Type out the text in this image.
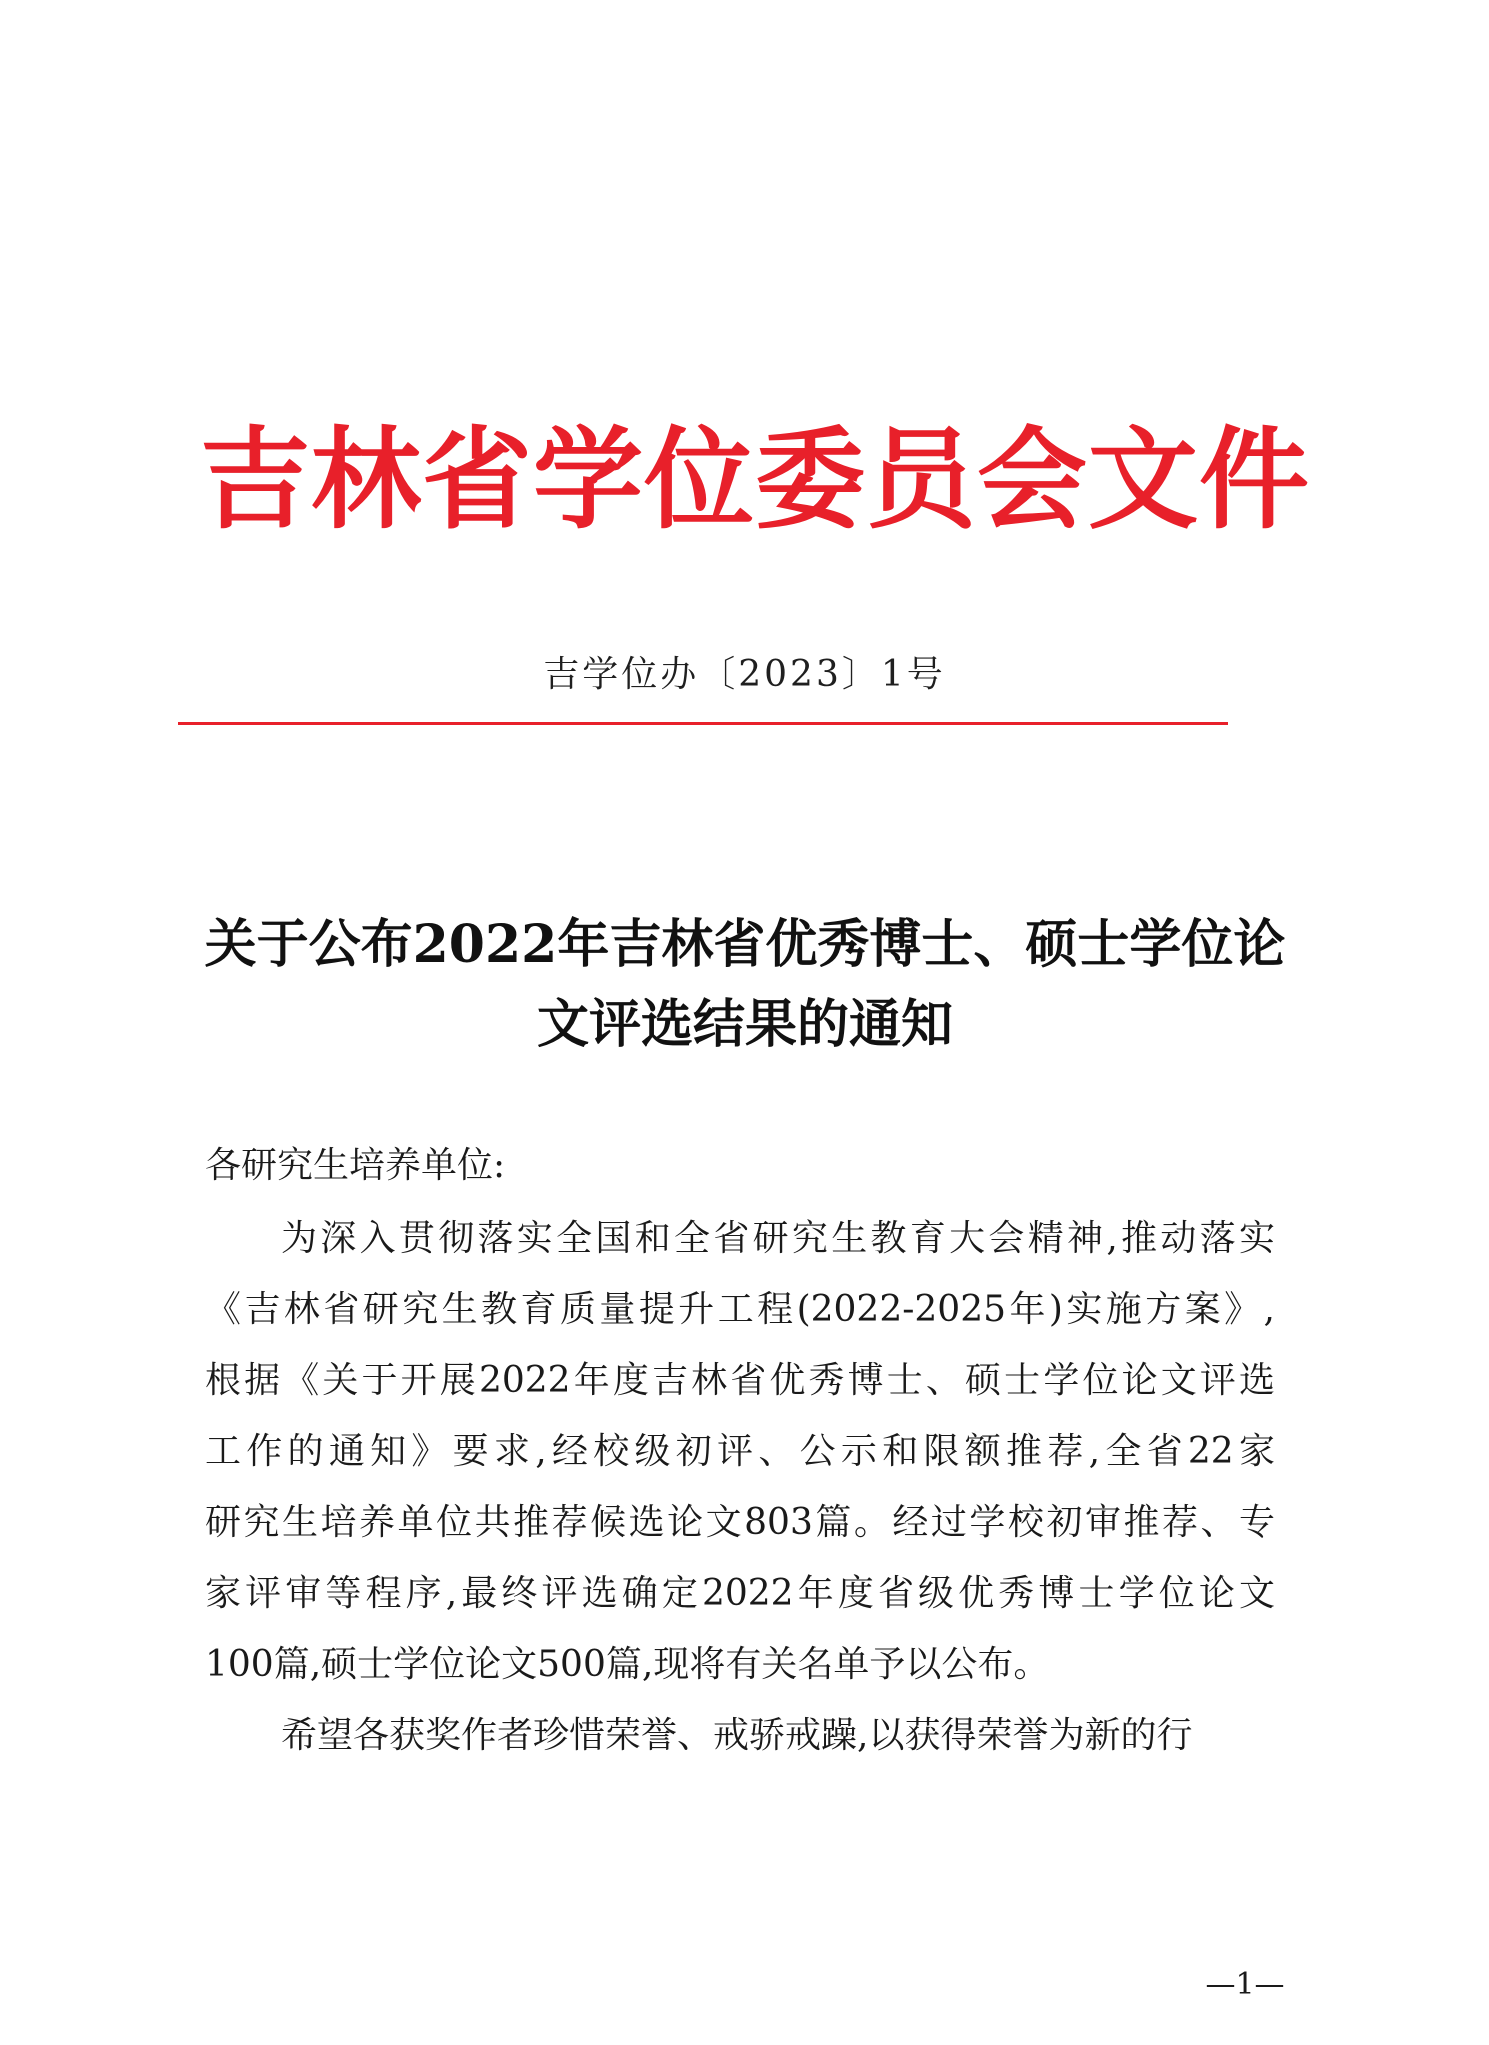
吉林省学位委员会文件
吉学位办〔2023〕1号
关于公布2022年吉林省优秀博士、硕士学位论
文评选结果的通知
各研究生培养单位:
为深入贯彻落实全国和全省研究生教育大会精神,推动落实
《吉林省研究生教育质量提升工程(2022-2025年)实施方案》,
根据《关于开展2022年度吉林省优秀博士、硕士学位论文评选
工作的通知》要求,经校级初评、公示和限额推荐,全省22家
研究生培养单位共推荐候选论文803篇。经过学校初审推荐、专
家评审等程序,最终评选确定2022年度省级优秀博士学位论文
100篇,硕士学位论文500篇,现将有关名单予以公布。
希望各获奖作者珍惜荣誉、戒骄戒躁,以获得荣誉为新的行
—1—
